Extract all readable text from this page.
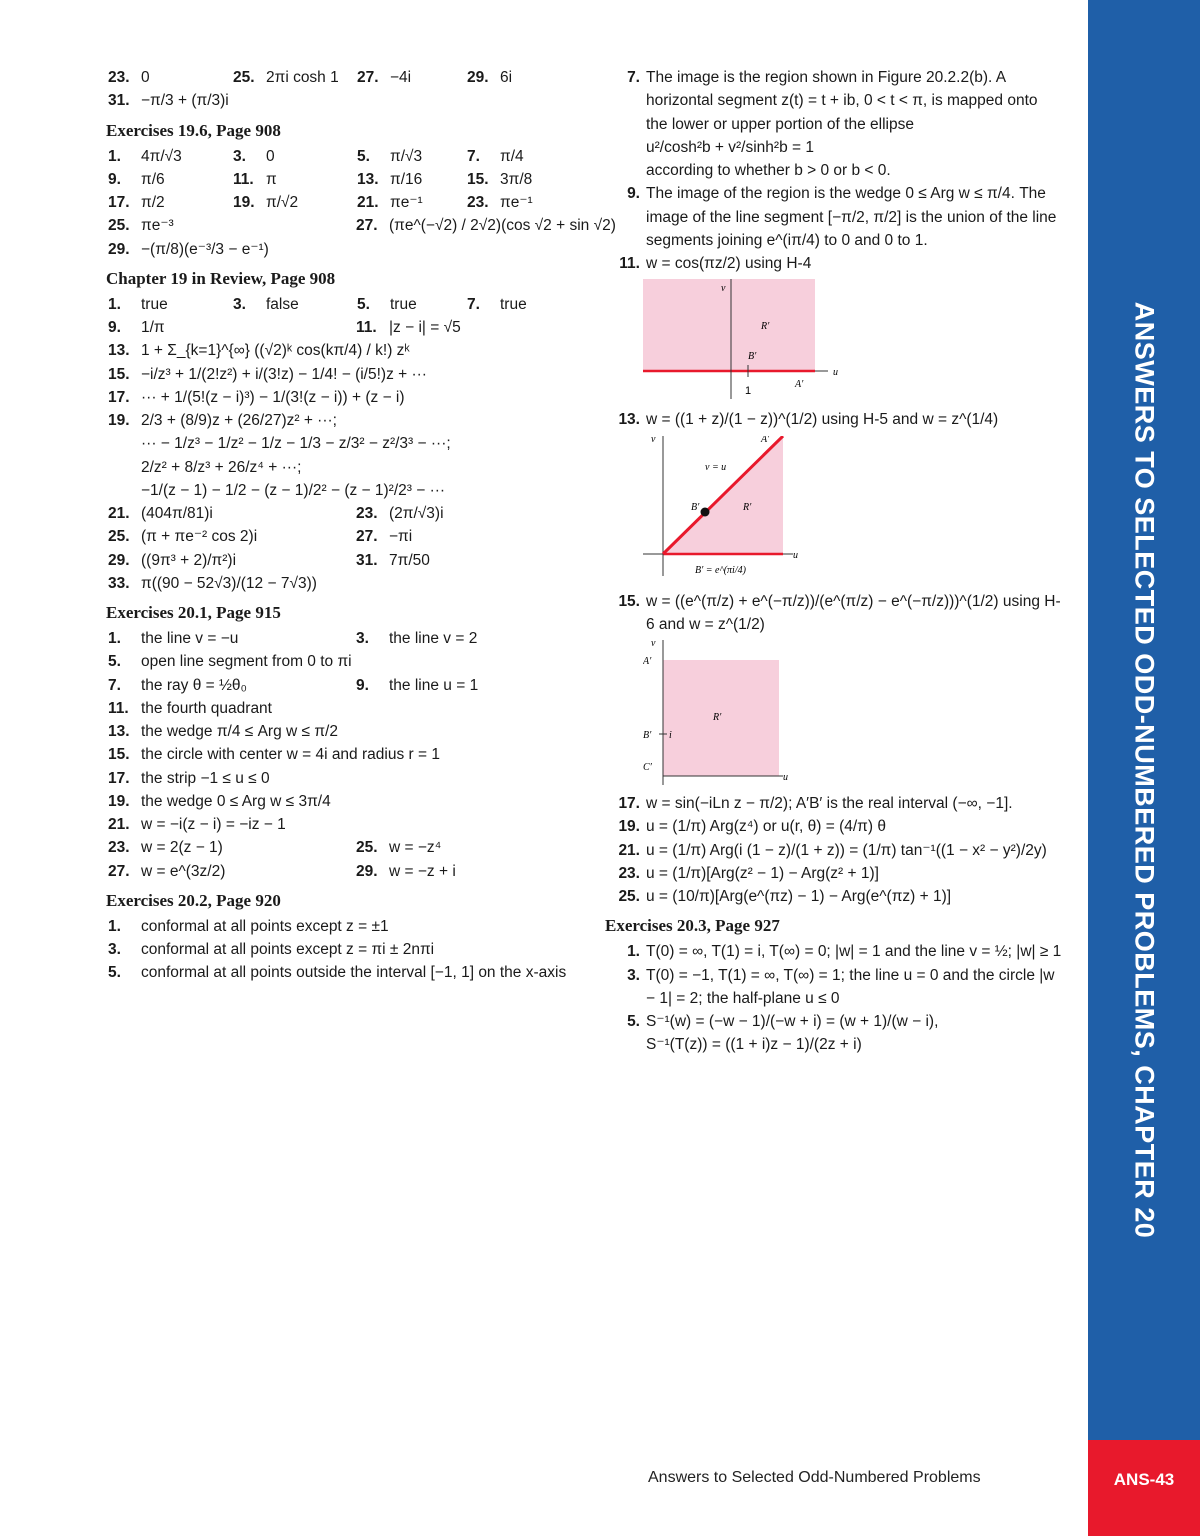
23. 0	25. 2πi cosh 1 27. −4i	29. 6i
31. −π/3 + (π/3)i
Exercises 19.6, Page 908
1.	4π/√3	3.	0	5.	π/√3	7.	π/4
9.	π/6	11. π	13. π/16	15. 3π/8
17. π/2	19. π/√2	21. πe⁻¹	23. πe⁻¹
25. πe⁻³	27. (πe^(−√2) / 2√2)(cos √2 + sin √2)
29. −(π/8)(e⁻³/3 − e⁻¹)
Chapter 19 in Review, Page 908
1.	true	3.	false	5.	true	7.	true
9.	1/π	11. |z − i| = √5
13. 1 + Σ_{k=1}^{∞} ((√2)ᵏ cos(kπ/4) / k!) zᵏ
15. −i/z³ + 1/(2!z²) + i/(3!z) − 1/4! − (i/5!)z + ···
17. ··· + 1/(5!(z − i)³) − 1/(3!(z − i)) + (z − i)
19. 2/3 + (8/9)z + (26/27)z² + ···;
··· − 1/z³ − 1/z² − 1/z − 1/3 − z/3² − z²/3³ − ···;
2/z² + 8/z³ + 26/z⁴ + ···;
−1/(z − 1) − 1/2 − (z − 1)/2² − (z − 1)²/2³ − ···
21. (404π/81)i	23. (2π/√3)i
25. (π + πe⁻² cos 2)i	27. −πi
29. ((9π³ + 2)/π²)i	31. 7π/50
33. π((90 − 52√3)/(12 − 7√3))
Exercises 20.1, Page 915
1.	the line v = −u	3.	the line v = 2
5.	open line segment from 0 to πi
7.	the ray θ = ½θ₀	9.	the line u = 1
11. the fourth quadrant
13. the wedge π/4 ≤ Arg w ≤ π/2
15. the circle with center w = 4i and radius r = 1
17. the strip −1 ≤ u ≤ 0
19. the wedge 0 ≤ Arg w ≤ 3π/4
21. w = −i(z − i) = −iz − 1
23. w = 2(z − 1)	25. w = −z⁴
27. w = e^(3z/2)	29. w = −z + i
Exercises 20.2, Page 920
1.	conformal at all points except z = ±1
3.	conformal at all points except z = πi ± 2nπi
5.	conformal at all points outside the interval [−1, 1] on the x-axis
7. The image is the region shown in Figure 20.2.2(b). A horizontal segment z(t) = t + ib, 0 < t < π, is mapped onto the lower or upper portion of the ellipse
u²/cosh²b + v²/sinh²b = 1
according to whether b > 0 or b < 0.
9. The image of the region is the wedge 0 ≤ Arg w ≤ π/4. The image of the line segment [−π/2, π/2] is the union of the line segments joining e^(iπ/4) to 0 and 0 to 1.
11. w = cos(πz/2) using H-4
v
u
R′
B′
A′
1
13. w = ((1 + z)/(1 − z))^(1/2) using H-5 and w = z^(1/4)
v
u
A′
v = u
B′	R′
B′ = e^(πi/4)
15. w = ((e^(π/z) + e^(−π/z))/(e^(π/z) − e^(−π/z)))^(1/2) using H-6 and w = z^(1/2)
v
u
A′
B′ i
C′
R′
17. w = sin(−iLn z − π/2); A′B′ is the real interval (−∞, −1].
19. u = (1/π) Arg(z⁴) or u(r, θ) = (4/π) θ
21. u = (1/π) Arg(i (1 − z)/(1 + z)) = (1/π) tan⁻¹((1 − x² − y²)/2y)
23. u = (1/π)[Arg(z² − 1) − Arg(z² + 1)]
25. u = (10/π)[Arg(e^(πz) − 1) − Arg(e^(πz) + 1)]
Exercises 20.3, Page 927
1. T(0) = ∞, T(1) = i, T(∞) = 0; |w| = 1 and the line v = ½; |w| ≥ 1
3. T(0) = −1, T(1) = ∞, T(∞) = 1; the line u = 0 and the circle |w − 1| = 2; the half-plane u ≤ 0
5. S⁻¹(w) = (−w − 1)/(−w + i) = (w + 1)/(w − i),
S⁻¹(T(z)) = ((1 + i)z − 1)/(2z + i)	ANSWERS TO SELECTED ODD-NUMBERED PROBLEMS, CHAPTER 20
ANS-43
Answers to Selected Odd-Numbered Problems
